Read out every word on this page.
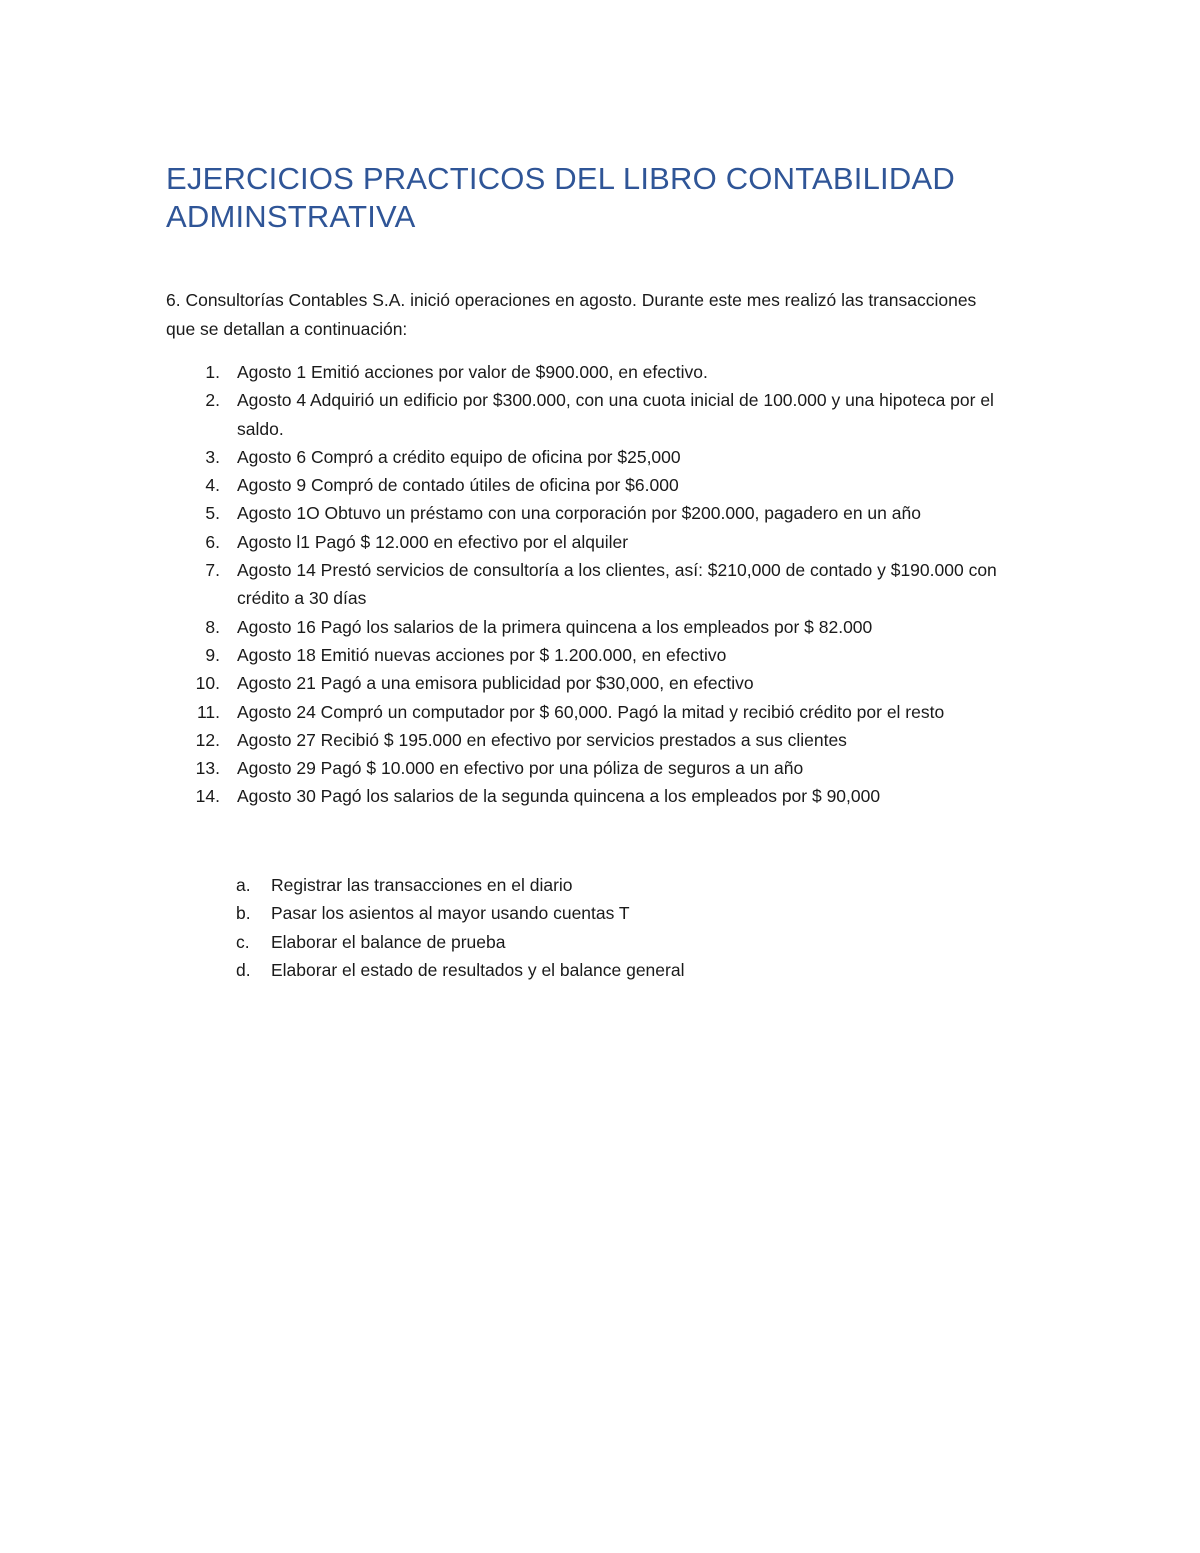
EJERCICIOS PRACTICOS DEL LIBRO CONTABILIDAD ADMINSTRATIVA

6. Consultorías Contables S.A. inició operaciones en agosto. Durante este mes realizó las transacciones que se detallan a continuación:

1. Agosto 1 Emitió acciones por valor de $900.000, en efectivo.
2. Agosto 4 Adquirió un edificio por $300.000, con una cuota inicial de 100.000 y una hipoteca por el saldo.
3. Agosto 6 Compró a crédito equipo de oficina por $25,000
4. Agosto 9 Compró de contado útiles de oficina por $6.000
5. Agosto 1O Obtuvo un préstamo con una corporación por $200.000, pagadero en un año
6. Agosto l1 Pagó $ 12.000 en efectivo por el alquiler
7. Agosto 14 Prestó servicios de consultoría a los clientes, así: $210,000 de contado y $190.000 con crédito a 30 días
8. Agosto 16 Pagó los salarios de la primera quincena a los empleados por $ 82.000
9. Agosto 18 Emitió nuevas acciones por $ 1.200.000, en efectivo
10. Agosto 21 Pagó a una emisora publicidad por $30,000, en efectivo
11. Agosto 24 Compró un computador por $ 60,000. Pagó la mitad y recibió crédito por el resto
12. Agosto 27 Recibió $ 195.000 en efectivo por servicios prestados a sus clientes
13. Agosto 29 Pagó $ 10.000 en efectivo por una póliza de seguros a un año
14. Agosto 30 Pagó los salarios de la segunda quincena a los empleados por $ 90,000
a. Registrar las transacciones en el diario
b. Pasar los asientos al mayor usando cuentas T
c. Elaborar el balance de prueba
d. Elaborar el estado de resultados y el balance general
